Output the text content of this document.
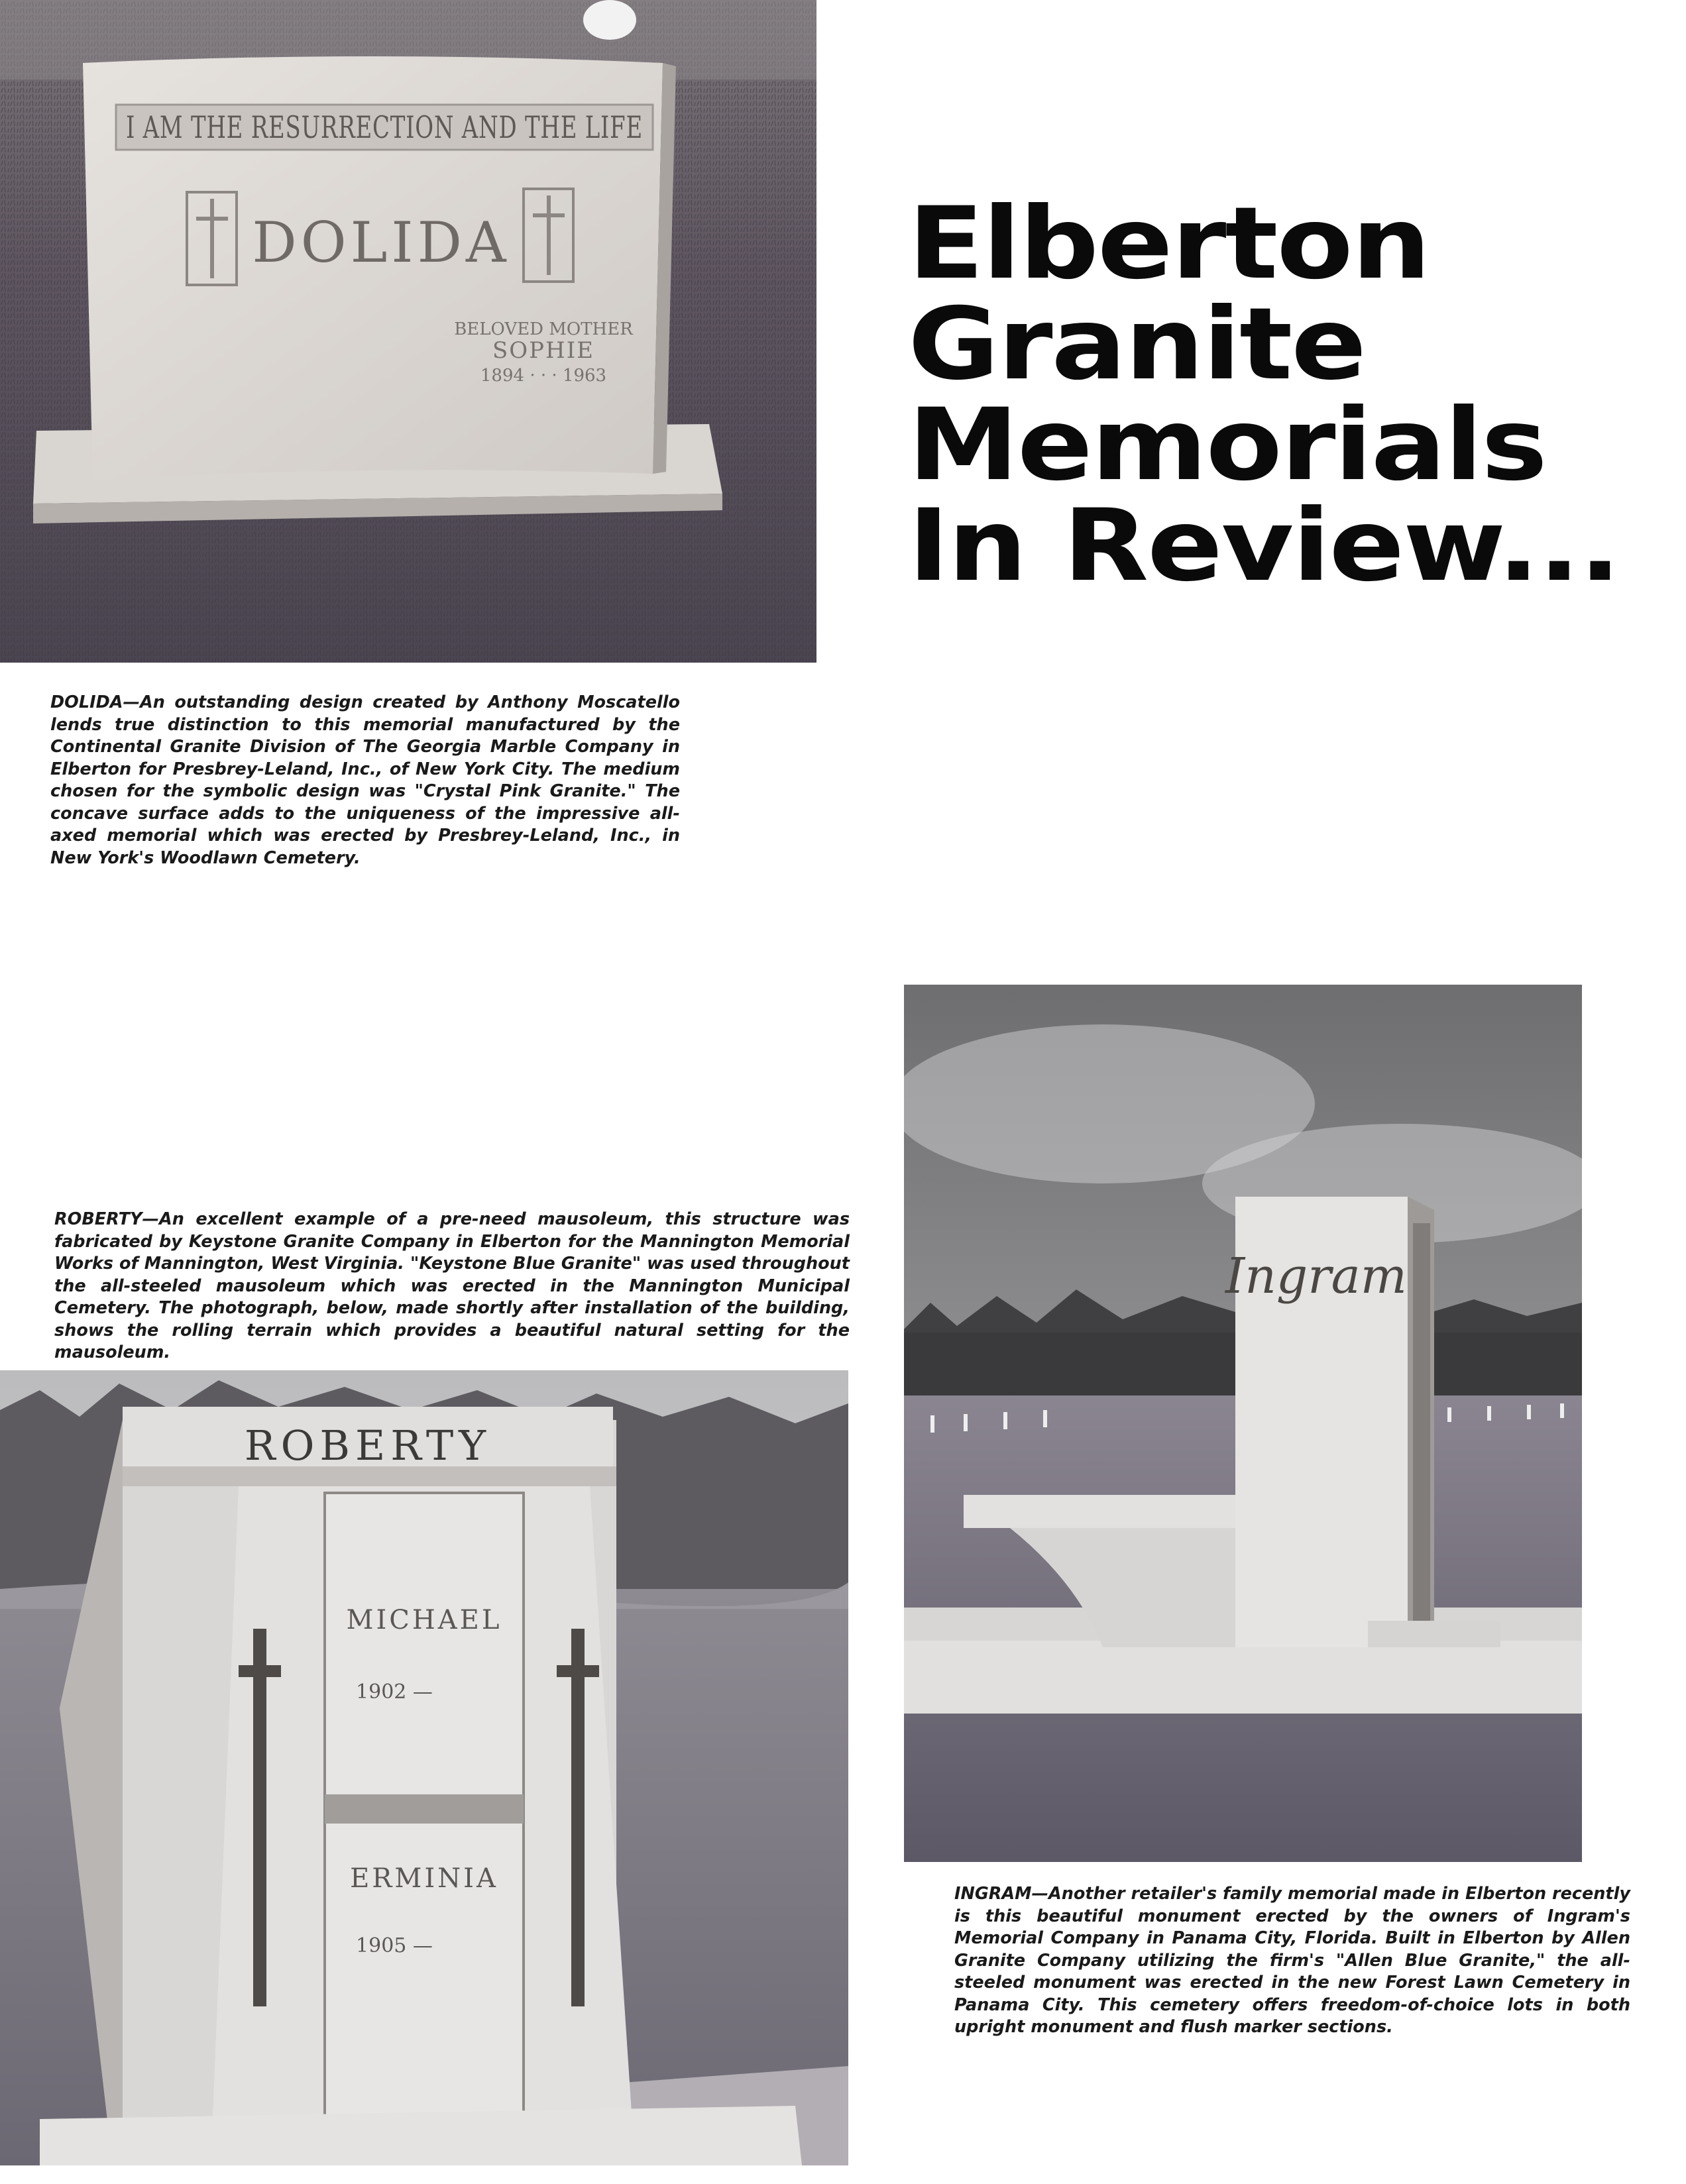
I AM THE RESURRECTION AND THE LIFE
DOLIDA
BELOVED MOTHER
SOPHIE
1894 · · · 1963
Elberton
Granite
Memorials
In Review...
DOLIDA—An outstanding design created by Anthony Moscatello lends true distinction to this memorial manufactured by the Continental Granite Division of The Georgia Marble Company in Elberton for Presbrey-Leland, Inc., of New York City. The medium chosen for the symbolic design was "Crystal Pink Granite." The concave surface adds to the uniqueness of the impressive all-axed memorial which was erected by Presbrey-Leland, Inc., in New York's Woodlawn Cemetery.
Ingram
ROBERTY—An excellent example of a pre-need mausoleum, this structure was fabricated by Keystone Granite Company in Elberton for the Mannington Memorial Works of Mannington, West Virginia. "Keystone Blue Granite" was used throughout the all-steeled mausoleum which was erected in the Mannington Municipal Cemetery. The photograph, below, made shortly after installation of the building, shows the rolling terrain which provides a beautiful natural setting for the mausoleum.
ROBERTY
MICHAEL
1902 —
ERMINIA
1905 —
INGRAM—Another retailer's family memorial made in Elberton recently is this beautiful monument erected by the owners of Ingram's Memorial Company in Panama City, Florida. Built in Elberton by Allen Granite Company utilizing the firm's "Allen Blue Granite," the all-steeled monument was erected in the new Forest Lawn Cemetery in Panama City. This cemetery offers freedom-of-choice lots in both upright monument and flush marker sections.
